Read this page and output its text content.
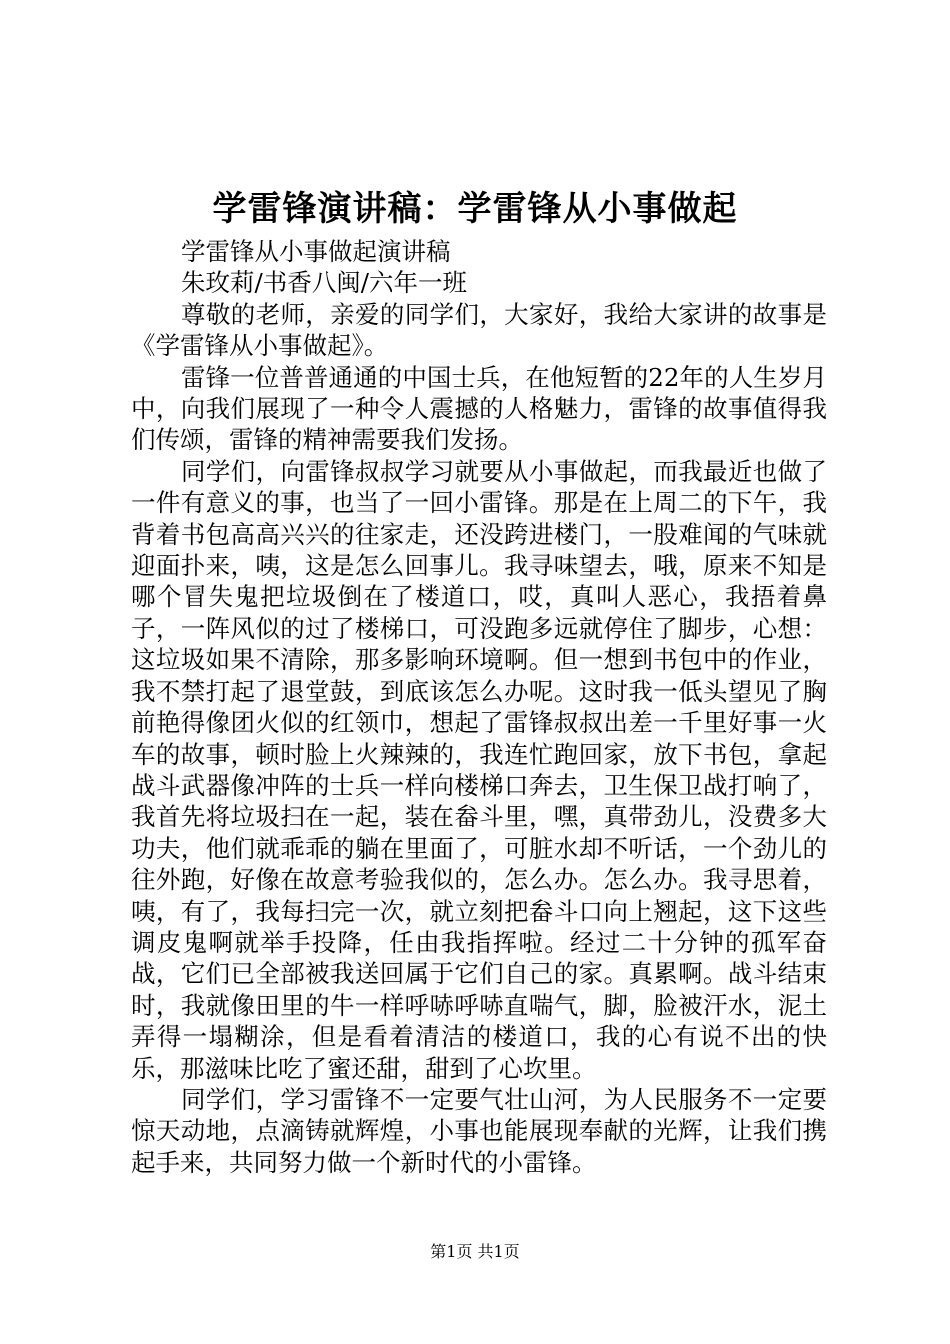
学雷锋演讲稿：学雷锋从小事做起

学雷锋从小事做起演讲稿

朱玫莉/书香八闽/六年一班

尊敬的老师，亲爱的同学们，大家好，我给大家讲的故事是《学雷锋从小事做起》。

雷锋一位普普通通的中国士兵，在他短暂的22年的人生岁月中，向我们展现了一种令人震撼的人格魅力，雷锋的故事值得我们传颂，雷锋的精神需要我们发扬。

同学们，向雷锋叔叔学习就要从小事做起，而我最近也做了一件有意义的事，也当了一回小雷锋。那是在上周二的下午，我背着书包高高兴兴的往家走，还没跨进楼门，一股难闻的气味就迎面扑来，咦，这是怎么回事儿。我寻味望去，哦，原来不知是哪个冒失鬼把垃圾倒在了楼道口，哎，真叫人恶心，我捂着鼻子，一阵风似的过了楼梯口，可没跑多远就停住了脚步，心想：这垃圾如果不清除，那多影响环境啊。但一想到书包中的作业，我不禁打起了退堂鼓，到底该怎么办呢。这时我一低头望见了胸前艳得像团火似的红领巾，想起了雷锋叔叔出差一千里好事一火车的故事，顿时脸上火辣辣的，我连忙跑回家，放下书包，拿起战斗武器像冲阵的士兵一样向楼梯口奔去，卫生保卫战打响了，我首先将垃圾扫在一起，装在畚斗里，嘿，真带劲儿，没费多大功夫，他们就乖乖的躺在里面了，可脏水却不听话，一个劲儿的往外跑，好像在故意考验我似的，怎么办。怎么办。我寻思着，咦，有了，我每扫完一次，就立刻把畚斗口向上翘起，这下这些调皮鬼啊就举手投降，任由我指挥啦。经过二十分钟的孤军奋战，它们已全部被我送回属于它们自己的家。真累啊。战斗结束时，我就像田里的牛一样呼哧呼哧直喘气，脚，脸被汗水，泥土弄得一塌糊涂，但是看着清洁的楼道口，我的心有说不出的快乐，那滋味比吃了蜜还甜，甜到了心坎里。

同学们，学习雷锋不一定要气壮山河，为人民服务不一定要惊天动地，点滴铸就辉煌，小事也能展现奉献的光辉，让我们携起手来，共同努力做一个新时代的小雷锋。

第1页 共1页
